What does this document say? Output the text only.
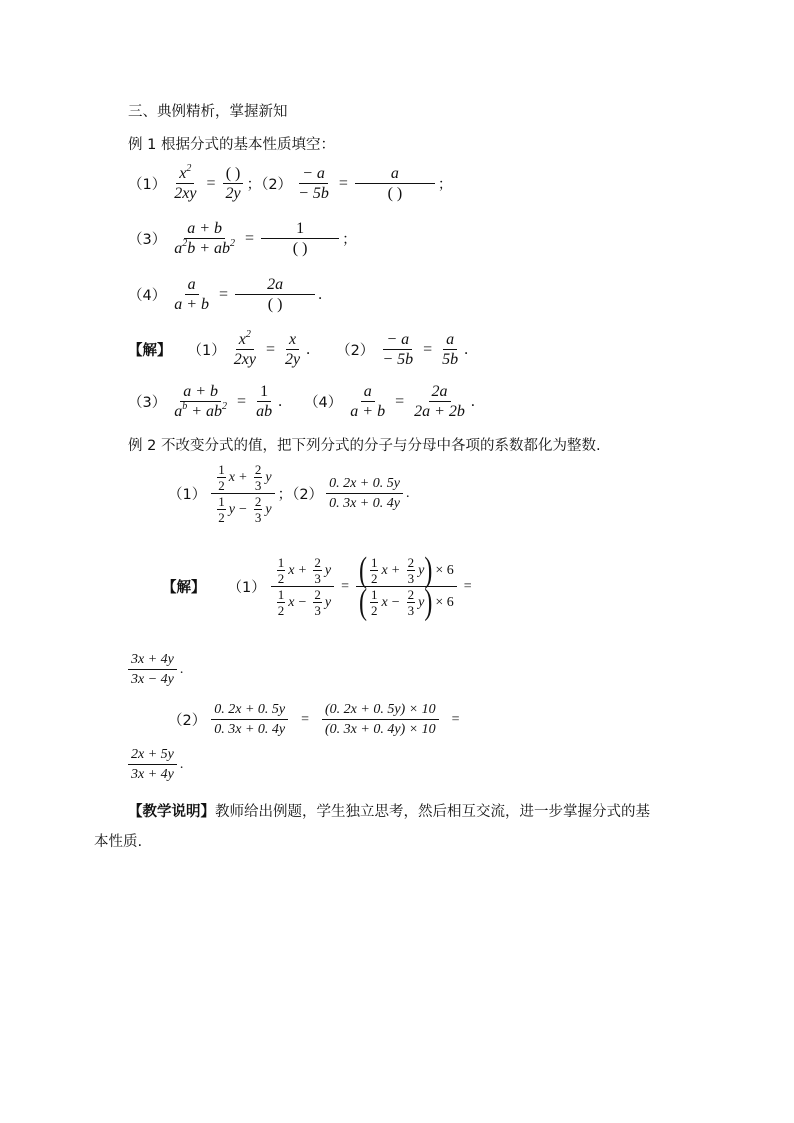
三、典例精析，掌握新知
例 1 根据分式的基本性质填空：
$(1) \frac{x^2}{2xy} = \frac{( )}{2y}$ ；$(2) \frac{- a}{- 5b} = \frac{a}{( )}$ ；
$(3) \frac{a + b}{a^2b + ab^2} = \frac{1}{( )}$ ；
$(4) \frac{a}{a + b} = \frac{2a}{( )}$ .
【解】 $(1) \frac{x^2}{2xy} = \frac{x}{2y}$ . $(2) \frac{- a}{- 5b} = \frac{a}{5b}$ .
$(3) \frac{a + b}{a^b + ab^2} = \frac{1}{ab}$ . $(4) \frac{a}{a + b} = \frac{2a}{2a + 2b}$ .
例 2 不改变分式的值，把下列分式的分子与分母中各项的系数都化为整数.
$(1) \frac{\frac{1}{2} x + \frac{2}{3} y}{\frac{1}{2} y - \frac{2}{3} y}$ ；$(2) \frac{0. 2x + 0. 5y}{0. 3x + 0. 4y}$ .
【解】 $(1) \frac{\frac{1}{2} x + \frac{2}{3} y}{\frac{1}{2} x - \frac{2}{3} y} = \frac{( \frac{1}{2} x + \frac{2}{3} y ) \times 6}{( \frac{1}{2} x - \frac{2}{3} y ) \times 6}$ =
$\frac{3x + 4y}{3x - 4y}$ .
$(2) \frac{0. 2x + 0. 5y}{0. 3x + 0. 4y} = \frac{(0. 2x + 0. 5y) \times 10}{(0. 3x + 0. 4y) \times 10}$ =
$\frac{2x + 5y}{3x + 4y}$ .
【教学说明】教师给出例题，学生独立思考，然后相互交流，进一步掌握分式的基
本性质.
